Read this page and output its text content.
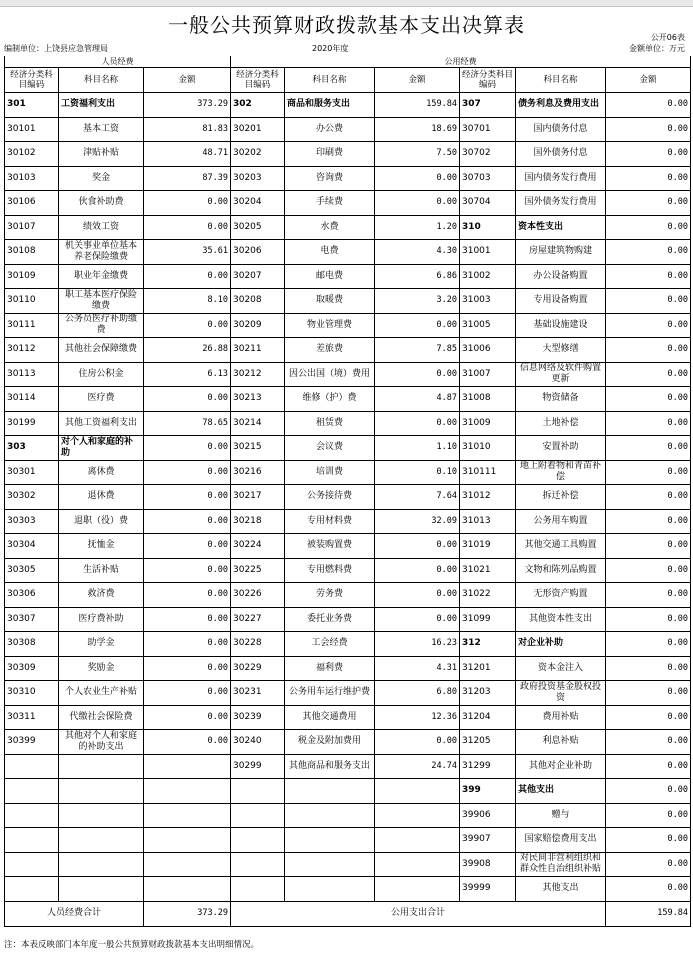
一般公共预算财政拨款基本支出决算表
公开06表
编制单位：上饶县应急管理局	2020年度	金额单位：万元
人员经费			公用经费					
经济分类科目编码	科目名称	金额	经济分类科目编码	科目名称	金额	经济分类科目编码	科目名称	金额
301	工资福利支出	373.29	302	商品和服务支出	159.84	307	债务利息及费用支出	0.00
30101	基本工资	81.83	30201	办公费	18.69	30701	国内债务付息	0.00
30102	津贴补贴	48.71	30202	印刷费	7.50	30702	国外债务付息	0.00
30103	奖金	87.39	30203	咨询费	0.00	30703	国内债务发行费用	0.00
30106	伙食补助费	0.00	30204	手续费	0.00	30704	国外债务发行费用	0.00
30107	绩效工资	0.00	30205	水费	1.20	310	资本性支出	0.00
30108	机关事业单位基本养老保险缴费	35.61	30206	电费	4.30	31001	房屋建筑物购建	0.00
30109	职业年金缴费	0.00	30207	邮电费	6.86	31002	办公设备购置	0.00
30110	职工基本医疗保险缴费	8.10	30208	取暖费	3.20	31003	专用设备购置	0.00
30111	公务员医疗补助缴费	0.00	30209	物业管理费	0.00	31005	基础设施建设	0.00
30112	其他社会保障缴费	26.88	30211	差旅费	7.85	31006	大型修缮	0.00
30113	住房公积金	6.13	30212	因公出国（境）费用	0.00	31007	信息网络及软件购置更新	0.00
30114	医疗费	0.00	30213	维修（护）费	4.87	31008	物资储备	0.00
30199	其他工资福利支出	78.65	30214	租赁费	0.00	31009	土地补偿	0.00
303	对个人和家庭的补助	0.00	30215	会议费	1.10	31010	安置补助	0.00
30301	离休费	0.00	30216	培训费	0.10	310111	地上附着物和青苗补偿	0.00
30302	退休费	0.00	30217	公务接待费	7.64	31012	拆迁补偿	0.00
30303	退职（役）费	0.00	30218	专用材料费	32.09	31013	公务用车购置	0.00
30304	抚恤金	0.00	30224	被装购置费	0.00	31019	其他交通工具购置	0.00
30305	生活补贴	0.00	30225	专用燃料费	0.00	31021	文物和陈列品购置	0.00
30306	救济费	0.00	30226	劳务费	0.00	31022	无形资产购置	0.00
30307	医疗费补助	0.00	30227	委托业务费	0.00	31099	其他资本性支出	0.00
30308	助学金	0.00	30228	工会经费	16.23	312	对企业补助	0.00
30309	奖励金	0.00	30229	福利费	4.31	31201	资本金注入	0.00
30310	个人农业生产补贴	0.00	30231	公务用车运行维护费	6.80	31203	政府投资基金股权投资	0.00
30311	代缴社会保险费	0.00	30239	其他交通费用	12.36	31204	费用补贴	0.00
30399	其他对个人和家庭的补助支出	0.00	30240	税金及附加费用	0.00	31205	利息补贴	0.00
			30299	其他商品和服务支出	24.74	31299	其他对企业补助	0.00
						399	其他支出	0.00
						39906	赠与	0.00
						39907	国家赔偿费用支出	0.00
						39908	对民间非营利组织和群众性自治组织补贴	0.00
						39999	其他支出	0.00
人员经费合计		373.29	公用支出合计					159.84
注：本表反映部门本年度一般公共预算财政拨款基本支出明细情况。
